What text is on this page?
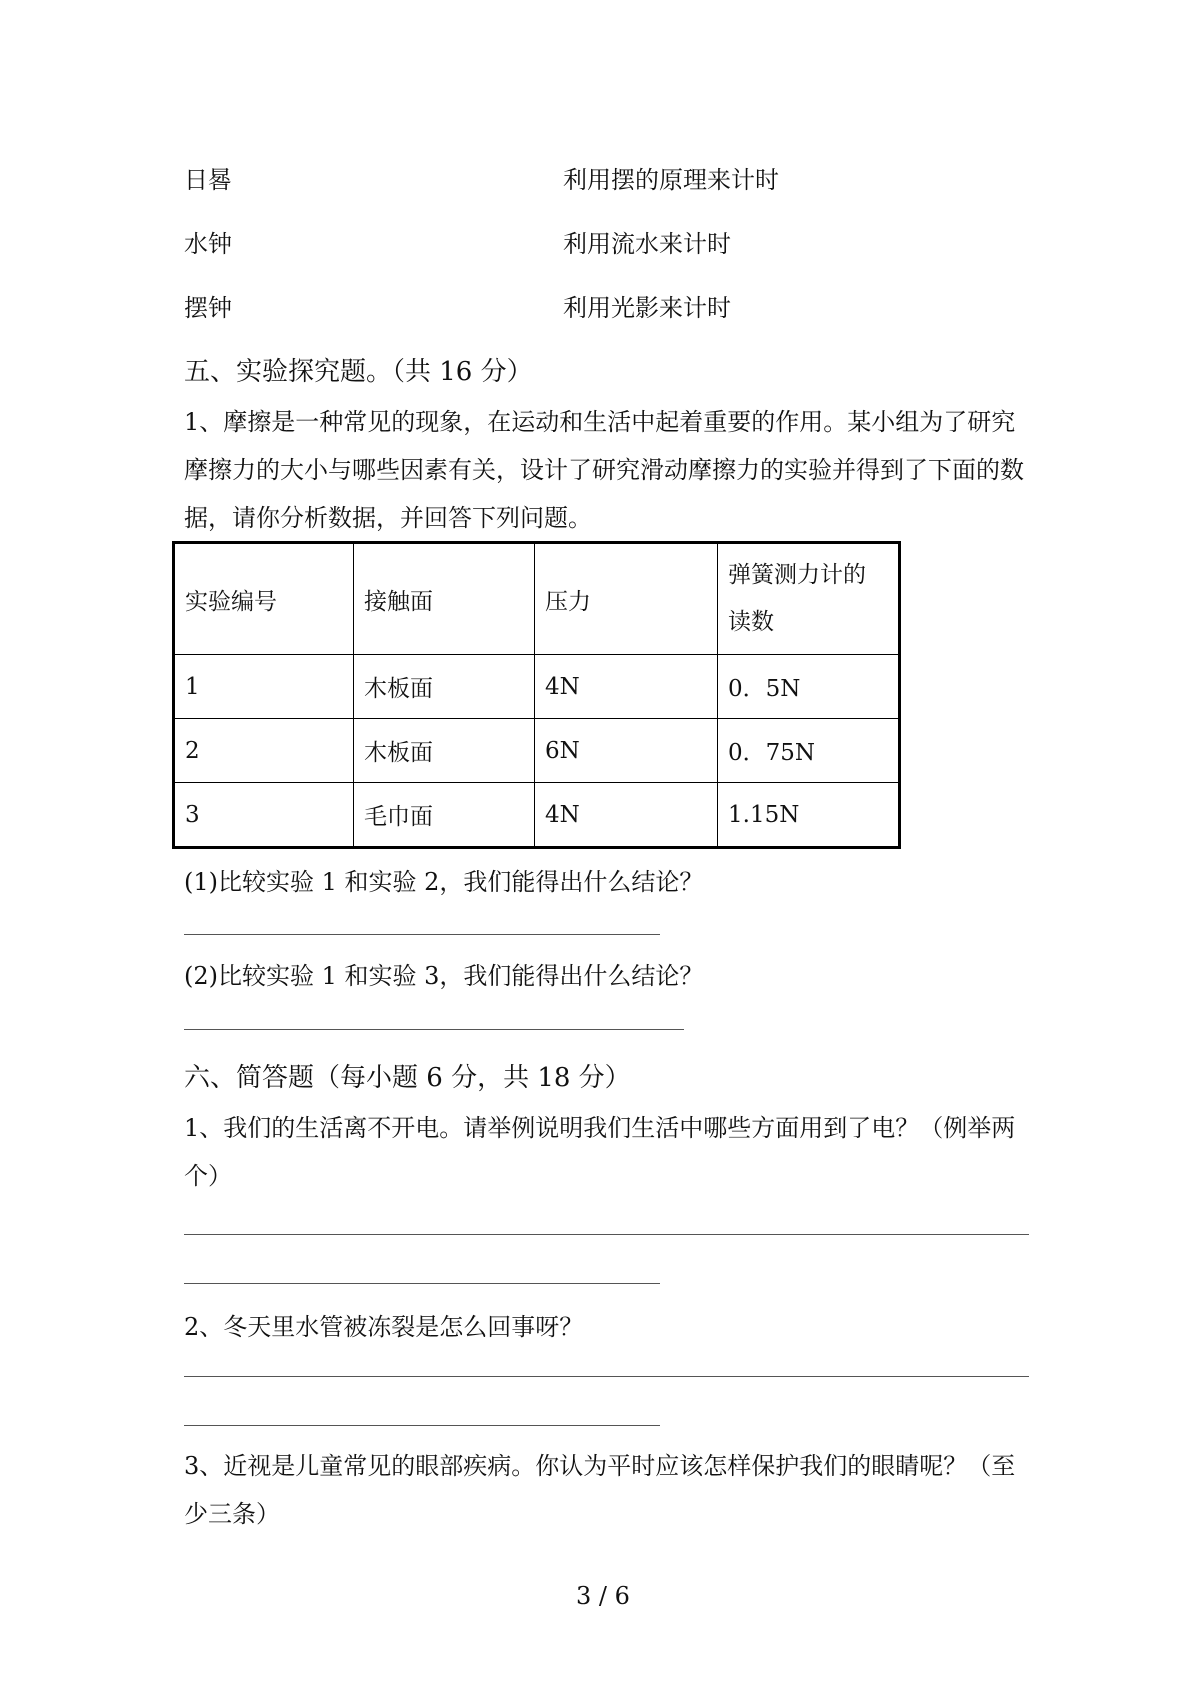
日晷	利用摆的原理来计时
水钟	利用流水来计时
摆钟	利用光影来计时
五、实验探究题。（共 16 分）
1、摩擦是一种常见的现象，在运动和生活中起着重要的作用。某小组为了研究摩擦力的大小与哪些因素有关，设计了研究滑动摩擦力的实验并得到了下面的数据，请你分析数据，并回答下列问题。
实验编号	接触面	压力	弹簧测力计的读数

1	木板面	4N	0．5N
2	木板面	6N	0．75N
3	毛巾面	4N	1.15N
(1)比较实验 1 和实验 2，我们能得出什么结论？
(2)比较实验 1 和实验 3，我们能得出什么结论？
六、简答题（每小题 6 分，共 18 分）
1、我们的生活离不开电。请举例说明我们生活中哪些方面用到了电？（例举两个）
2、冬天里水管被冻裂是怎么回事呀？
3、近视是儿童常见的眼部疾病。你认为平时应该怎样保护我们的眼睛呢？（至少三条）
3 / 6
